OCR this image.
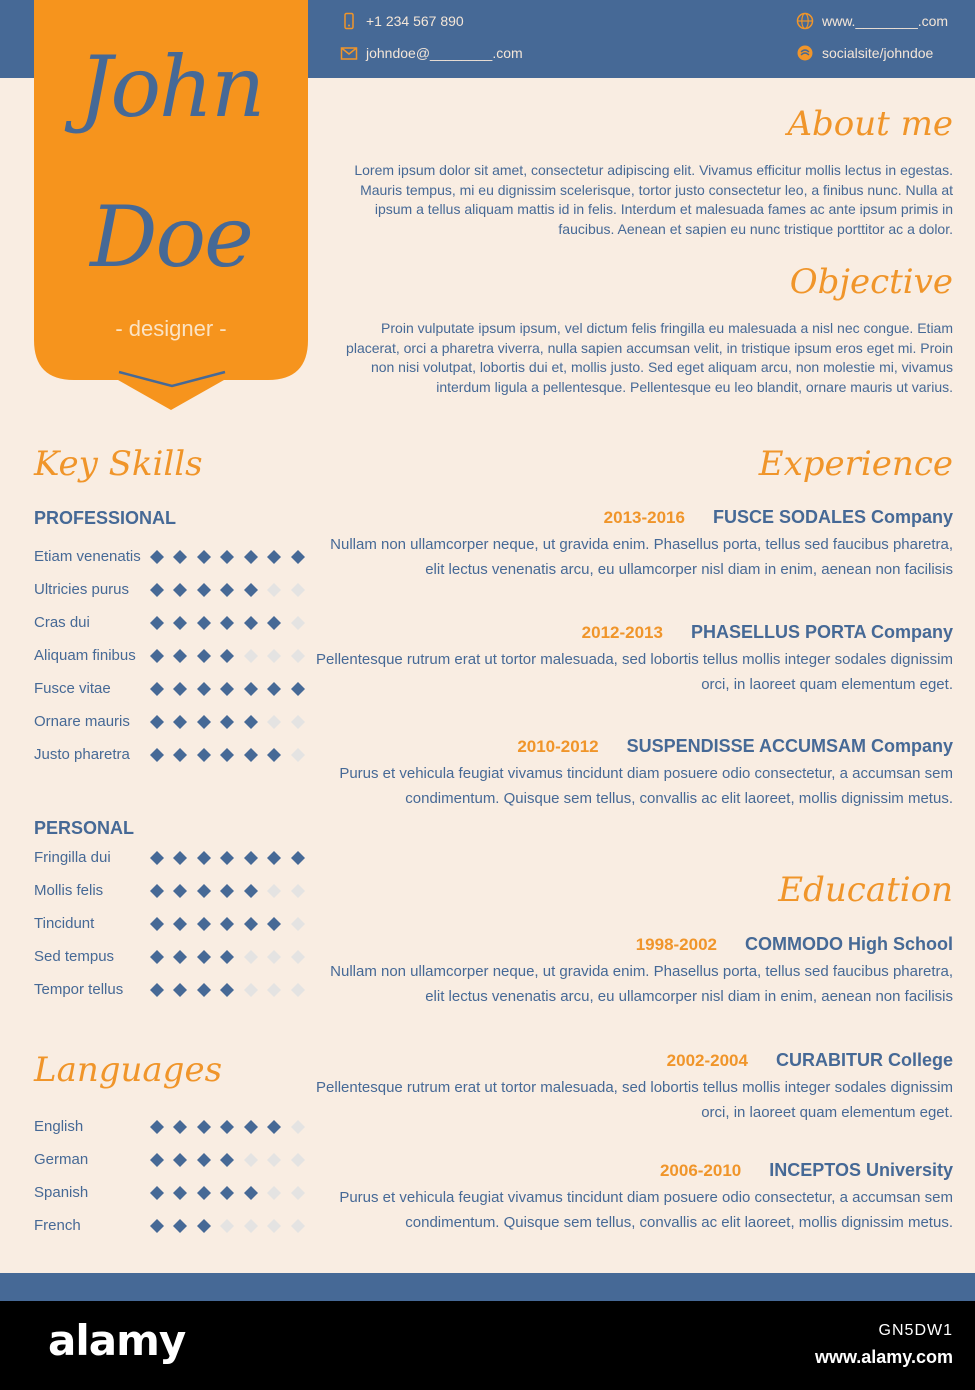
+1 234 567 890
johndoe@________.com
www.________.com
socialsite/johndoe
John
Doe
- designer -
About me
Lorem ipsum dolor sit amet, consectetur adipiscing elit. Vivamus efficitur mollis lectus in egestas. Mauris tempus, mi eu dignissim scelerisque, tortor justo consectetur leo, a finibus nunc. Nulla at ipsum a tellus aliquam mattis id in felis. Interdum et malesuada fames ac ante ipsum primis in faucibus. Aenean et sapien eu nunc tristique porttitor ac a dolor.
Objective
Proin vulputate ipsum ipsum, vel dictum felis fringilla eu malesuada a nisl nec congue. Etiam placerat, orci a pharetra viverra, nulla sapien accumsan velit, in tristique ipsum eros eget mi. Proin non nisi volutpat, lobortis dui et, mollis justo. Sed eget aliquam arcu, non molestie mi, vivamus interdum ligula a pellentesque. Pellentesque eu leo blandit, ornare mauris ut varius.
Experience
2013-2016 FUSCE SODALES Company
Nullam non ullamcorper neque, ut gravida enim. Phasellus porta, tellus sed faucibus pharetra, elit lectus venenatis arcu, eu ullamcorper nisl diam in enim, aenean non facilisis
2012-2013 PHASELLUS PORTA Company
Pellentesque rutrum erat ut tortor malesuada, sed lobortis tellus mollis integer sodales dignissim orci, in laoreet quam elementum eget.
2010-2012 SUSPENDISSE ACCUMSAM Company
Purus et vehicula feugiat vivamus tincidunt diam posuere odio consectetur, a accumsan sem condimentum. Quisque sem tellus, convallis ac elit laoreet, mollis dignissim metus.
Education
1998-2002 COMMODO High School
Nullam non ullamcorper neque, ut gravida enim. Phasellus porta, tellus sed faucibus pharetra, elit lectus venenatis arcu, eu ullamcorper nisl diam in enim, aenean non facilisis
2002-2004 CURABITUR College
Pellentesque rutrum erat ut tortor malesuada, sed lobortis tellus mollis integer sodales dignissim orci, in laoreet quam elementum eget.
2006-2010 INCEPTOS University
Purus et vehicula feugiat vivamus tincidunt diam posuere odio consectetur, a accumsan sem condimentum. Quisque sem tellus, convallis ac elit laoreet, mollis dignissim metus.
Key Skills
PROFESSIONAL
Etiam venenatis
Ultricies purus
Cras dui
Aliquam finibus
Fusce vitae
Ornare mauris
Justo pharetra
PERSONAL
Fringilla dui
Mollis felis
Tincidunt
Sed tempus
Tempor tellus
Languages
English
German
Spanish
French
alamy	GN5DW1
www.alamy.com
